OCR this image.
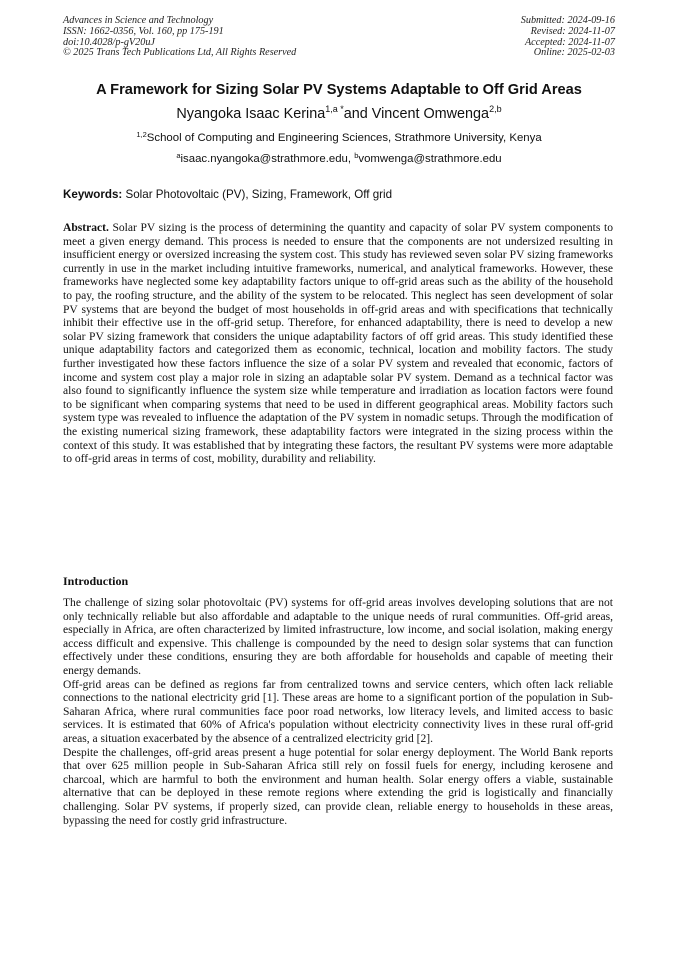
Advances in Science and Technology
ISSN: 1662-0356, Vol. 160, pp 175-191
doi:10.4028/p-gV20uJ
© 2025 Trans Tech Publications Ltd, All Rights Reserved
Submitted: 2024-09-16
Revised: 2024-11-07
Accepted: 2024-11-07
Online: 2025-02-03
A Framework for Sizing Solar PV Systems Adaptable to Off Grid Areas
Nyangoka Isaac Kerina$^{1,a *}$and Vincent Omwenga$^{2,b}$
$^{1,2}$School of Computing and Engineering Sciences, Strathmore University, Kenya
$^a$isaac.nyangoka@strathmore.edu, $^b$vomwenga@strathmore.edu
Keywords: Solar Photovoltaic (PV), Sizing, Framework, Off grid
Abstract. Solar PV sizing is the process of determining the quantity and capacity of solar PV system components to meet a given energy demand. This process is needed to ensure that the components are not undersized resulting in insufficient energy or oversized increasing the system cost. This study has reviewed seven solar PV sizing frameworks currently in use in the market including intuitive frameworks, numerical, and analytical frameworks. However, these frameworks have neglected some key adaptability factors unique to off-grid areas such as the ability of the household to pay, the roofing structure, and the ability of the system to be relocated. This neglect has seen development of solar PV systems that are beyond the budget of most households in off-grid areas and with specifications that technically inhibit their effective use in the off-grid setup. Therefore, for enhanced adaptability, there is need to develop a new solar PV sizing framework that considers the unique adaptability factors of off grid areas. This study identified these unique adaptability factors and categorized them as economic, technical, location and mobility factors. The study further investigated how these factors influence the size of a solar PV system and revealed that economic, factors of income and system cost play a major role in sizing an adaptable solar PV system. Demand as a technical factor was also found to significantly influence the system size while temperature and irradiation as location factors were found to be significant when comparing systems that need to be used in different geographical areas. Mobility factors such system type was revealed to influence the adaptation of the PV system in nomadic setups. Through the modification of the existing numerical sizing framework, these adaptability factors were integrated in the sizing process within the context of this study. It was established that by integrating these factors, the resultant PV systems were more adaptable to off-grid areas in terms of cost, mobility, durability and reliability.
Introduction

The challenge of sizing solar photovoltaic (PV) systems for off-grid areas involves developing solutions that are not only technically reliable but also affordable and adaptable to the unique needs of rural communities. Off-grid areas, especially in Africa, are often characterized by limited infrastructure, low income, and social isolation, making energy access difficult and expensive. This challenge is compounded by the need to design solar systems that can function effectively under these conditions, ensuring they are both affordable for households and capable of meeting their energy demands.

Off-grid areas can be defined as regions far from centralized towns and service centers, which often lack reliable connections to the national electricity grid [1]. These areas are home to a significant portion of the population in Sub-Saharan Africa, where rural communities face poor road networks, low literacy levels, and limited access to basic services. It is estimated that 60% of Africa's population without electricity connectivity lives in these rural off-grid areas, a situation exacerbated by the absence of a centralized electricity grid [2].

Despite the challenges, off-grid areas present a huge potential for solar energy deployment. The World Bank reports that over 625 million people in Sub-Saharan Africa still rely on fossil fuels for energy, including kerosene and charcoal, which are harmful to both the environment and human health. Solar energy offers a viable, sustainable alternative that can be deployed in these remote regions where extending the grid is logistically and financially challenging. Solar PV systems, if properly sized, can provide clean, reliable energy to households in these areas, bypassing the need for costly grid infrastructure.
